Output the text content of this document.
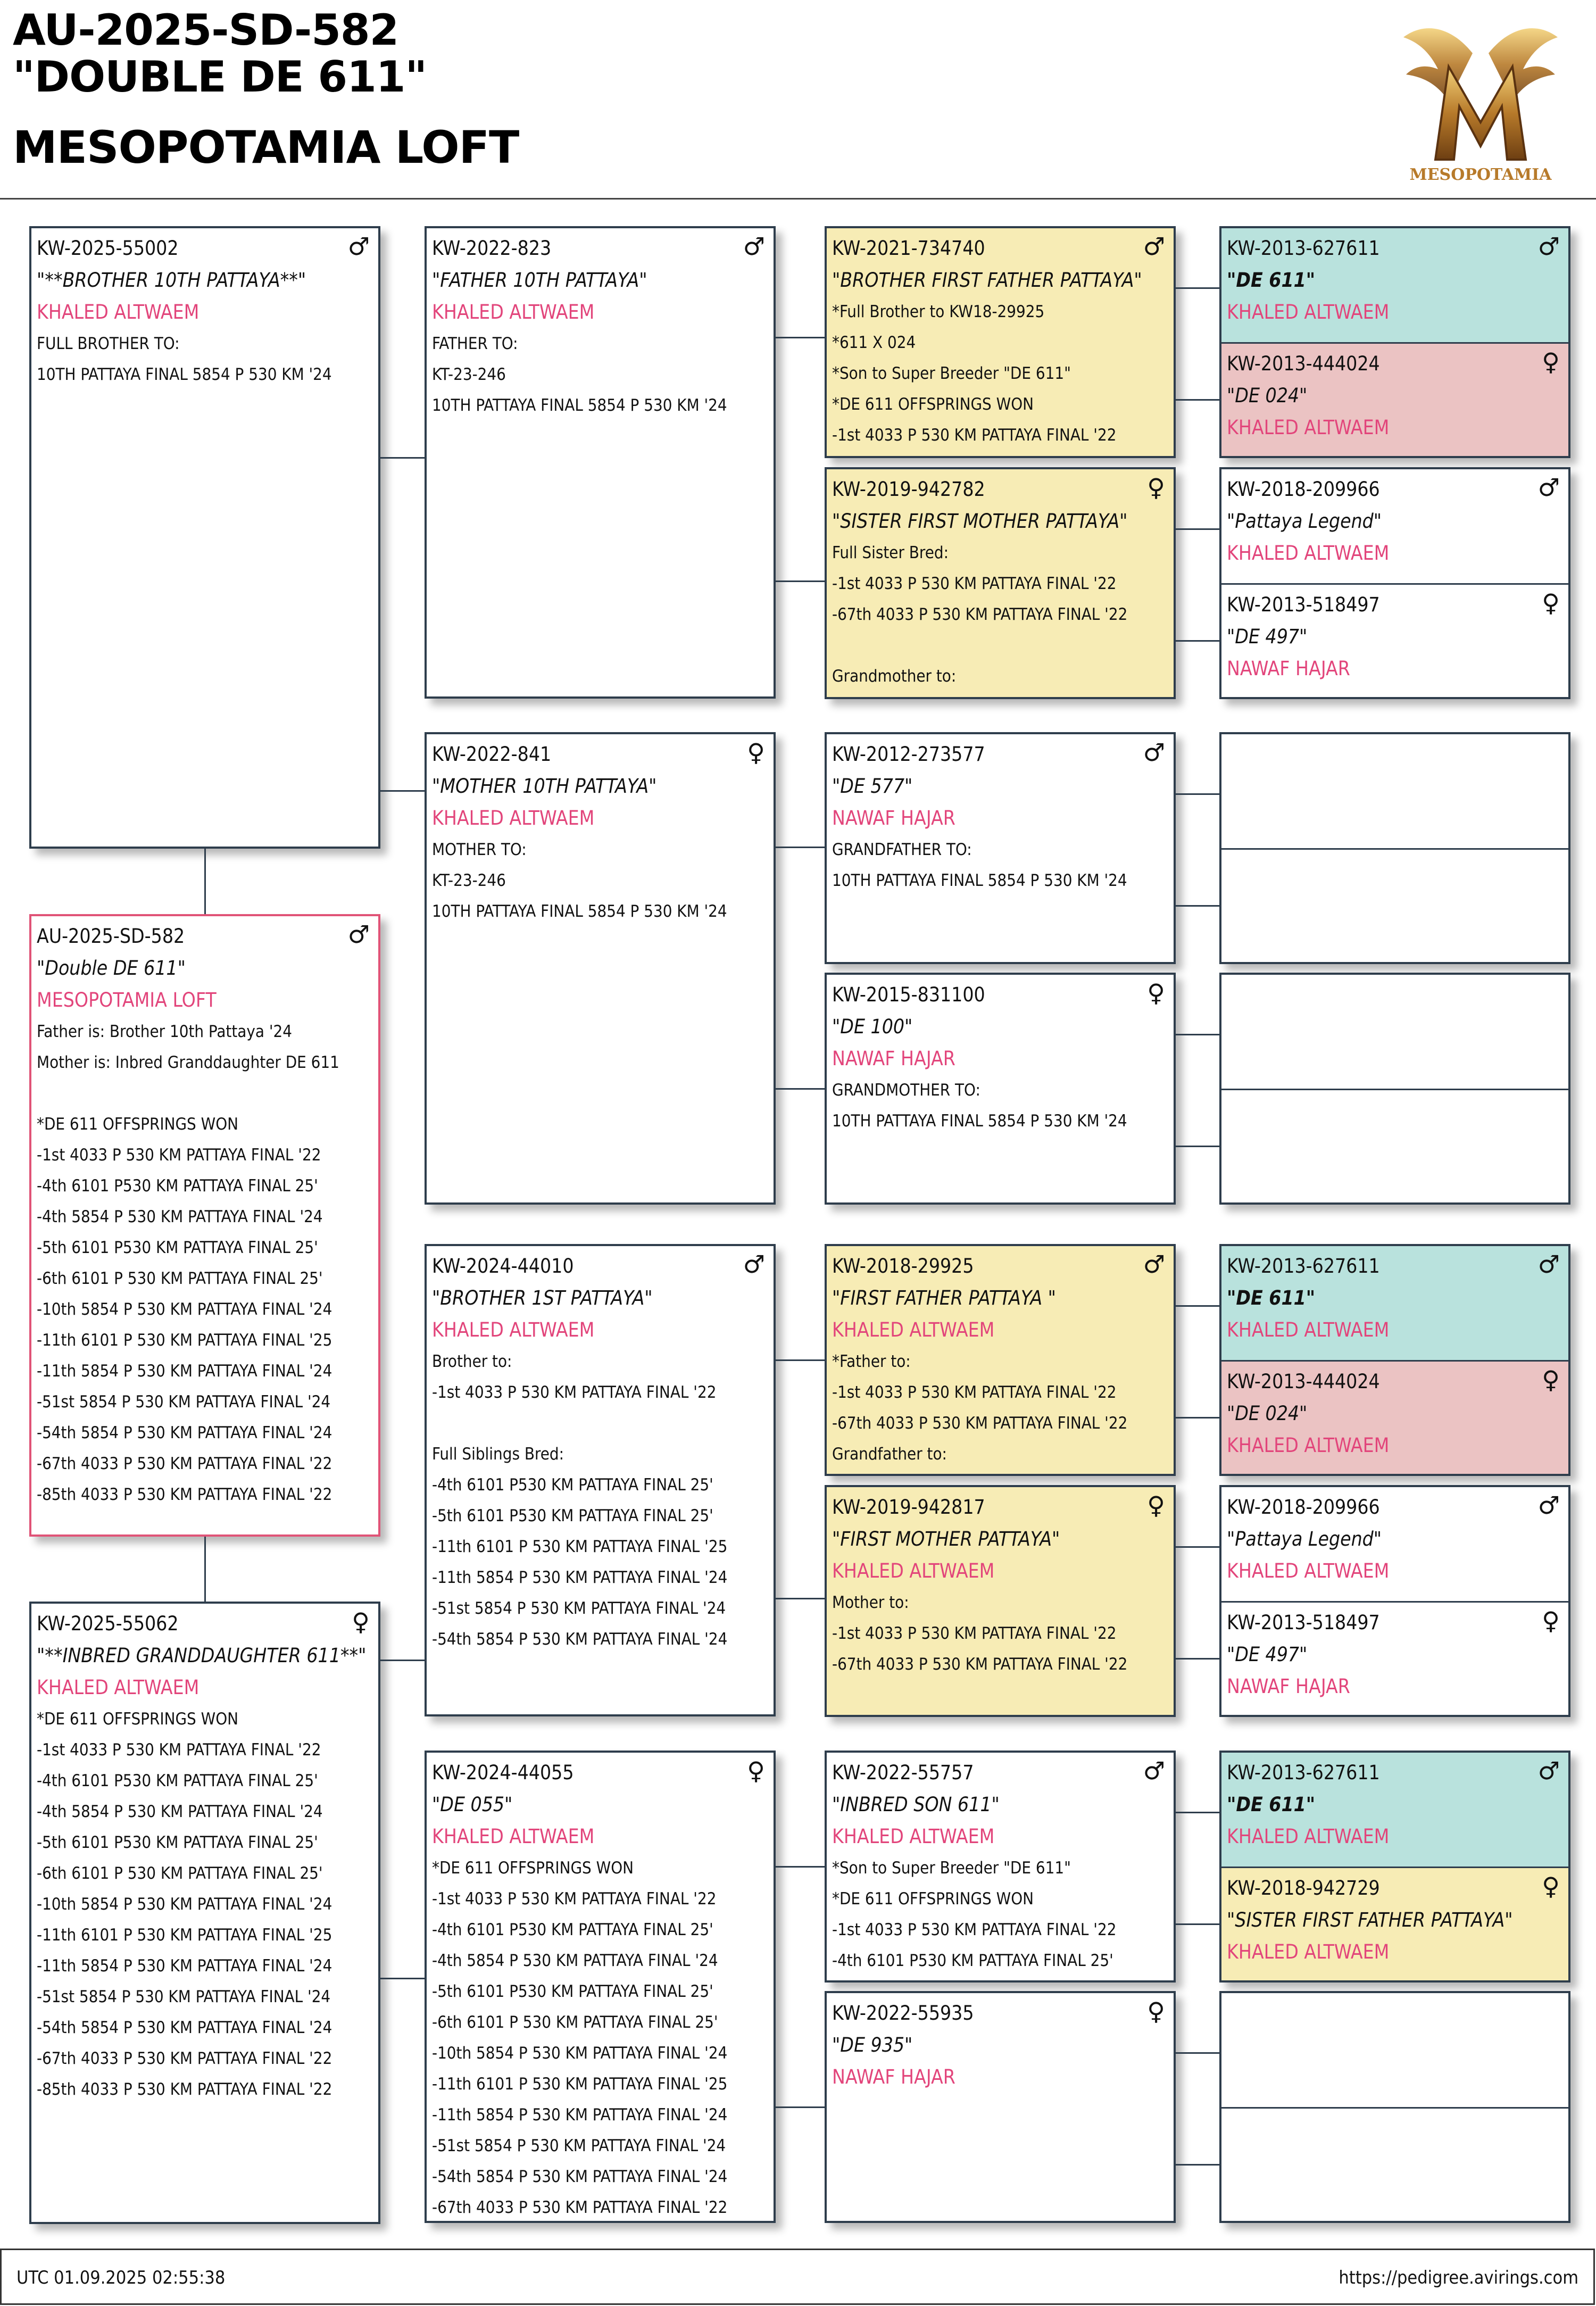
AU-2025-SD-582
"DOUBLE DE 611"
MESOPOTAMIA LOFT
MESOPOTAMIA
♂
KW-2025-55002
"**BROTHER 10TH PATTAYA**"
KHALED ALTWAEM
FULL BROTHER TO:
10TH PATTAYA FINAL 5854 P 530 KM '24
♂
AU-2025-SD-582
"Double DE 611"
MESOPOTAMIA LOFT
Father is: Brother 10th Pattaya '24
Mother is: Inbred Granddaughter DE 611
*DE 611 OFFSPRINGS WON
-1st 4033 P 530 KM PATTAYA FINAL '22
-4th 6101 P530 KM PATTAYA FINAL 25'
-4th 5854 P 530 KM PATTAYA FINAL '24
-5th 6101 P530 KM PATTAYA FINAL 25'
-6th 6101 P 530 KM PATTAYA FINAL 25'
-10th 5854 P 530 KM PATTAYA FINAL '24
-11th 6101 P 530 KM PATTAYA FINAL '25
-11th 5854 P 530 KM PATTAYA FINAL '24
-51st 5854 P 530 KM PATTAYA FINAL '24
-54th 5854 P 530 KM PATTAYA FINAL '24
-67th 4033 P 530 KM PATTAYA FINAL '22
-85th 4033 P 530 KM PATTAYA FINAL '22
♀
KW-2025-55062
"**INBRED GRANDDAUGHTER 611**"
KHALED ALTWAEM
*DE 611 OFFSPRINGS WON
-1st 4033 P 530 KM PATTAYA FINAL '22
-4th 6101 P530 KM PATTAYA FINAL 25'
-4th 5854 P 530 KM PATTAYA FINAL '24
-5th 6101 P530 KM PATTAYA FINAL 25'
-6th 6101 P 530 KM PATTAYA FINAL 25'
-10th 5854 P 530 KM PATTAYA FINAL '24
-11th 6101 P 530 KM PATTAYA FINAL '25
-11th 5854 P 530 KM PATTAYA FINAL '24
-51st 5854 P 530 KM PATTAYA FINAL '24
-54th 5854 P 530 KM PATTAYA FINAL '24
-67th 4033 P 530 KM PATTAYA FINAL '22
-85th 4033 P 530 KM PATTAYA FINAL '22
♂
KW-2022-823
"FATHER 10TH PATTAYA"
KHALED ALTWAEM
FATHER TO:
KT-23-246
10TH PATTAYA FINAL 5854 P 530 KM '24
♀
KW-2022-841
"MOTHER 10TH PATTAYA"
KHALED ALTWAEM
MOTHER TO:
KT-23-246
10TH PATTAYA FINAL 5854 P 530 KM '24
♂
KW-2024-44010
"BROTHER 1ST PATTAYA"
KHALED ALTWAEM
Brother to:
-1st 4033 P 530 KM PATTAYA FINAL '22
Full Siblings Bred:
-4th 6101 P530 KM PATTAYA FINAL 25'
-5th 6101 P530 KM PATTAYA FINAL 25'
-11th 6101 P 530 KM PATTAYA FINAL '25
-11th 5854 P 530 KM PATTAYA FINAL '24
-51st 5854 P 530 KM PATTAYA FINAL '24
-54th 5854 P 530 KM PATTAYA FINAL '24
♀
KW-2024-44055
"DE 055"
KHALED ALTWAEM
*DE 611 OFFSPRINGS WON
-1st 4033 P 530 KM PATTAYA FINAL '22
-4th 6101 P530 KM PATTAYA FINAL 25'
-4th 5854 P 530 KM PATTAYA FINAL '24
-5th 6101 P530 KM PATTAYA FINAL 25'
-6th 6101 P 530 KM PATTAYA FINAL 25'
-10th 5854 P 530 KM PATTAYA FINAL '24
-11th 6101 P 530 KM PATTAYA FINAL '25
-11th 5854 P 530 KM PATTAYA FINAL '24
-51st 5854 P 530 KM PATTAYA FINAL '24
-54th 5854 P 530 KM PATTAYA FINAL '24
-67th 4033 P 530 KM PATTAYA FINAL '22
♂
KW-2021-734740
"BROTHER FIRST FATHER PATTAYA"
*Full Brother to KW18-29925
*611 X 024
*Son to Super Breeder "DE 611"
*DE 611 OFFSPRINGS WON
-1st 4033 P 530 KM PATTAYA FINAL '22
♀
KW-2019-942782
"SISTER FIRST MOTHER PATTAYA"
Full Sister Bred:
-1st 4033 P 530 KM PATTAYA FINAL '22
-67th 4033 P 530 KM PATTAYA FINAL '22
Grandmother to:
♂
KW-2012-273577
"DE 577"
NAWAF HAJAR
GRANDFATHER TO:
10TH PATTAYA FINAL 5854 P 530 KM '24
♀
KW-2015-831100
"DE 100"
NAWAF HAJAR
GRANDMOTHER TO:
10TH PATTAYA FINAL 5854 P 530 KM '24
♂
KW-2018-29925
"FIRST FATHER PATTAYA "
KHALED ALTWAEM
*Father to:
-1st 4033 P 530 KM PATTAYA FINAL '22
-67th 4033 P 530 KM PATTAYA FINAL '22
Grandfather to:
♀
KW-2019-942817
"FIRST MOTHER PATTAYA"
KHALED ALTWAEM
Mother to:
-1st 4033 P 530 KM PATTAYA FINAL '22
-67th 4033 P 530 KM PATTAYA FINAL '22
♂
KW-2022-55757
"INBRED SON 611"
KHALED ALTWAEM
*Son to Super Breeder "DE 611"
*DE 611 OFFSPRINGS WON
-1st 4033 P 530 KM PATTAYA FINAL '22
-4th 6101 P530 KM PATTAYA FINAL 25'
♀
KW-2022-55935
"DE 935"
NAWAF HAJAR
♂
KW-2013-627611
"DE 611"
KHALED ALTWAEM
♀
KW-2013-444024
"DE 024"
KHALED ALTWAEM
♂
KW-2018-209966
"Pattaya Legend"
KHALED ALTWAEM
♀
KW-2013-518497
"DE 497"
NAWAF HAJAR
♂
KW-2013-627611
"DE 611"
KHALED ALTWAEM
♀
KW-2013-444024
"DE 024"
KHALED ALTWAEM
♂
KW-2018-209966
"Pattaya Legend"
KHALED ALTWAEM
♀
KW-2013-518497
"DE 497"
NAWAF HAJAR
♂
KW-2013-627611
"DE 611"
KHALED ALTWAEM
♀
KW-2018-942729
"SISTER FIRST FATHER PATTAYA"
KHALED ALTWAEM
UTC 01.09.2025 02:55:38	https://pedigree.avirings.com
